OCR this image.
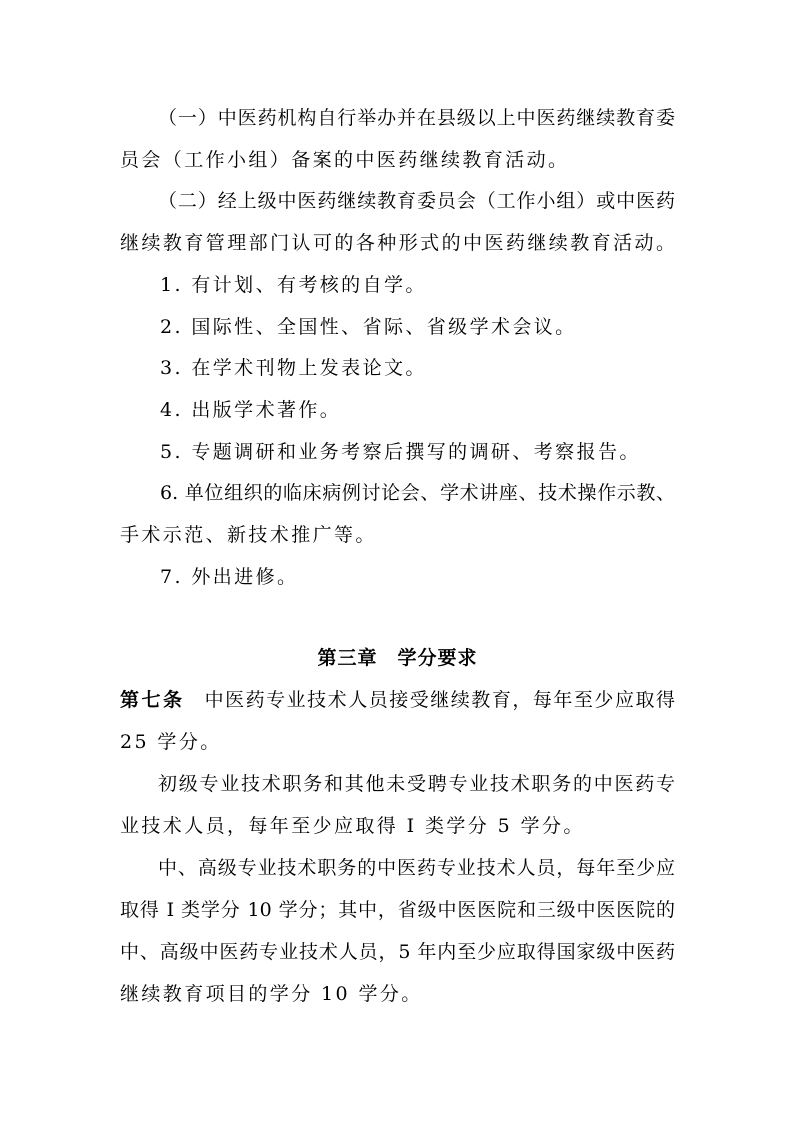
（一）中医药机构自行举办并在县级以上中医药继续教育委
员会（工作小组）备案的中医药继续教育活动。
（二）经上级中医药继续教育委员会（工作小组）或中医药
继续教育管理部门认可的各种形式的中医药继续教育活动。
1. 有计划、有考核的自学。
2. 国际性、全国性、省际、省级学术会议。
3. 在学术刊物上发表论文。
4. 出版学术著作。
5. 专题调研和业务考察后撰写的调研、考察报告。
6. 单位组织的临床病例讨论会、学术讲座、技术操作示教、
手术示范、新技术推广等。
7. 外出进修。
第三章　学分要求
第七条 中医药专业技术人员接受继续教育，每年至少应取得
25 学分。
初级专业技术职务和其他未受聘专业技术职务的中医药专
业技术人员，每年至少应取得 I 类学分 5 学分。
中、高级专业技术职务的中医药专业技术人员，每年至少应
取得 I 类学分 10 学分；其中，省级中医医院和三级中医医院的
中、高级中医药专业技术人员，5 年内至少应取得国家级中医药
继续教育项目的学分 10 学分。
